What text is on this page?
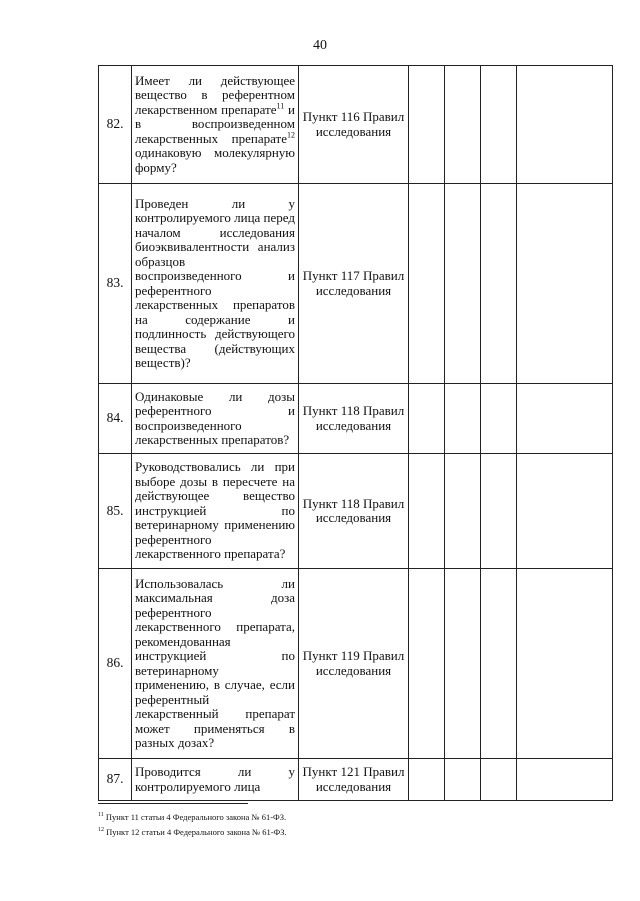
40
82.	Имеет ли действующее вещество в референтном лекарственном препарате$^{11}$ и в воспроизведенном лекарственных препарате$^{12}$ одинаковую молекулярную форму?	Пункт 116 Правил исследования				
83.	Проведен ли у контролируемого лица перед началом исследования биоэквивалентности анализ образцов воспроизведенного и референтного лекарственных препаратов на содержание и подлинность действующего вещества (действующих веществ)?	Пункт 117 Правил исследования				
84.	Одинаковые ли дозы референтного и воспроизведенного лекарственных препаратов?	Пункт 118 Правил исследования				
85.	Руководствовались ли при выборе дозы в пересчете на действующее вещество инструкцией по ветеринарному применению референтного лекарственного препарата?	Пункт 118 Правил исследования				
86.	Использовалась ли максимальная доза референтного лекарственного препарата, рекомендованная инструкцией по ветеринарному применению, в случае, если референтный лекарственный препарат может применяться в разных дозах?	Пункт 119 Правил исследования				
87.	Проводится ли у контролируемого лица	Пункт 121 Правил исследования				
$^{11}$ Пункт 11 статьи 4 Федерального закона № 61-ФЗ.
$^{12}$ Пункт 12 статьи 4 Федерального закона № 61-ФЗ.
